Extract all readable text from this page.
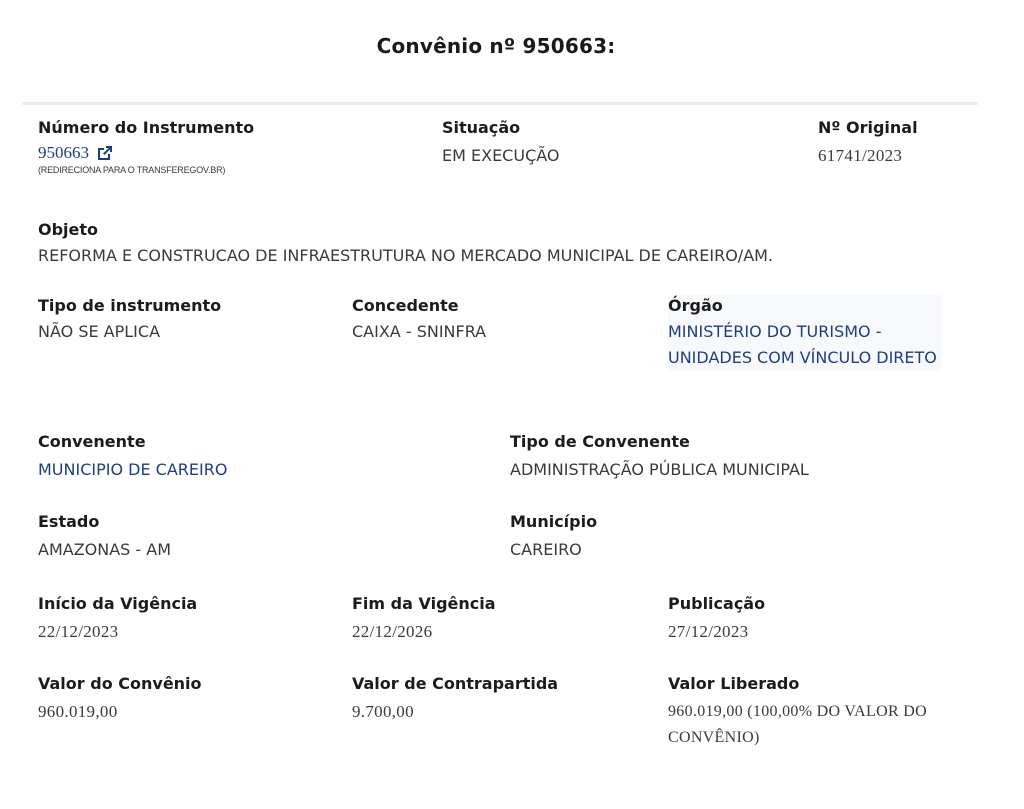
Convênio nº 950663:
Número do Instrumento
950663
(REDIRECIONA PARA O TRANSFEREGOV.BR)
Situação
EM EXECUÇÃO
Nº Original
61741/2023
Objeto
REFORMA E CONSTRUCAO DE INFRAESTRUTURA NO MERCADO MUNICIPAL DE CAREIRO/AM.
Tipo de instrumento
NÃO SE APLICA
Concedente
CAIXA - SNINFRA
Órgão
MINISTÉRIO DO TURISMO - UNIDADES COM VÍNCULO DIRETO
Convenente
MUNICIPIO DE CAREIRO
Tipo de Convenente
ADMINISTRAÇÃO PÚBLICA MUNICIPAL
Estado
AMAZONAS - AM
Município
CAREIRO
Início da Vigência
22/12/2023
Fim da Vigência
22/12/2026
Publicação
27/12/2023
Valor do Convênio
960.019,00
Valor de Contrapartida
9.700,00
Valor Liberado
960.019,00 (100,00% DO VALOR DO CONVÊNIO)
